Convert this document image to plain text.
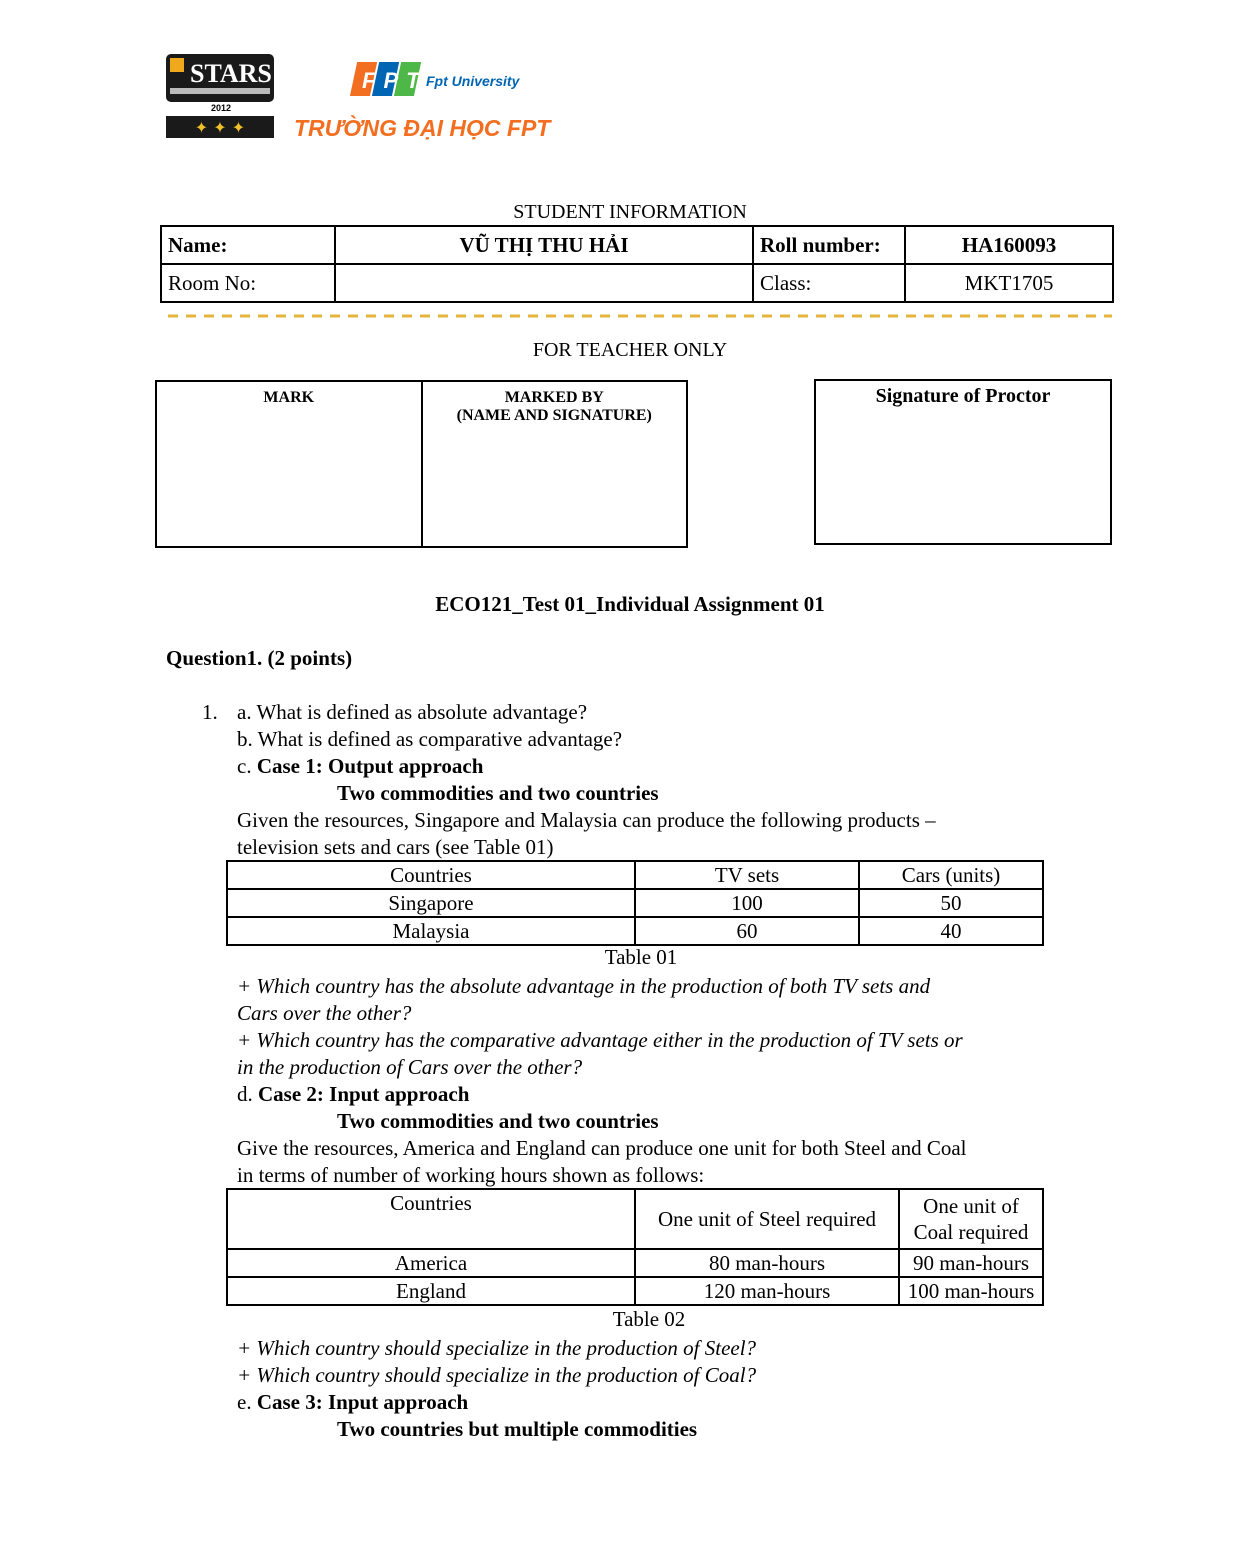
STARS
2012
✦ ✦ ✦
FPT
Fpt University
TRƯỜNG ĐẠI HỌC FPT
STUDENT INFORMATION
Name:	VŨ THỊ THU HẢI	Roll number:	HA160093
Room No:		Class:	MKT1705
FOR TEACHER ONLY
MARK	MARKED BY
(NAME AND SIGNATURE)
Signature of Proctor
ECO121_Test 01_Individual Assignment 01
Question1. (2 points)
1. a. What is defined as absolute advantage?
b. What is defined as comparative advantage?
c. Case 1: Output approach
Two commodities and two countries
Given the resources, Singapore and Malaysia can produce the following products –
television sets and cars (see Table 01)
Countries	TV sets	Cars (units)
Singapore	100	50
Malaysia	60	40
Table 01
+ Which country has the absolute advantage in the production of both TV sets and
Cars over the other?
+ Which country has the comparative advantage either in the production of TV sets or
in the production of Cars over the other?
d. Case 2: Input approach
Two commodities and two countries
Give the resources, America and England can produce one unit for both Steel and Coal
in terms of number of working hours shown as follows:
Countries	One unit of Steel required	One unit of Coal required
America	80 man-hours	90 man-hours
England	120 man-hours	100 man-hours
Table 02
+ Which country should specialize in the production of Steel?
+ Which country should specialize in the production of Coal?
e. Case 3: Input approach
Two countries but multiple commodities
